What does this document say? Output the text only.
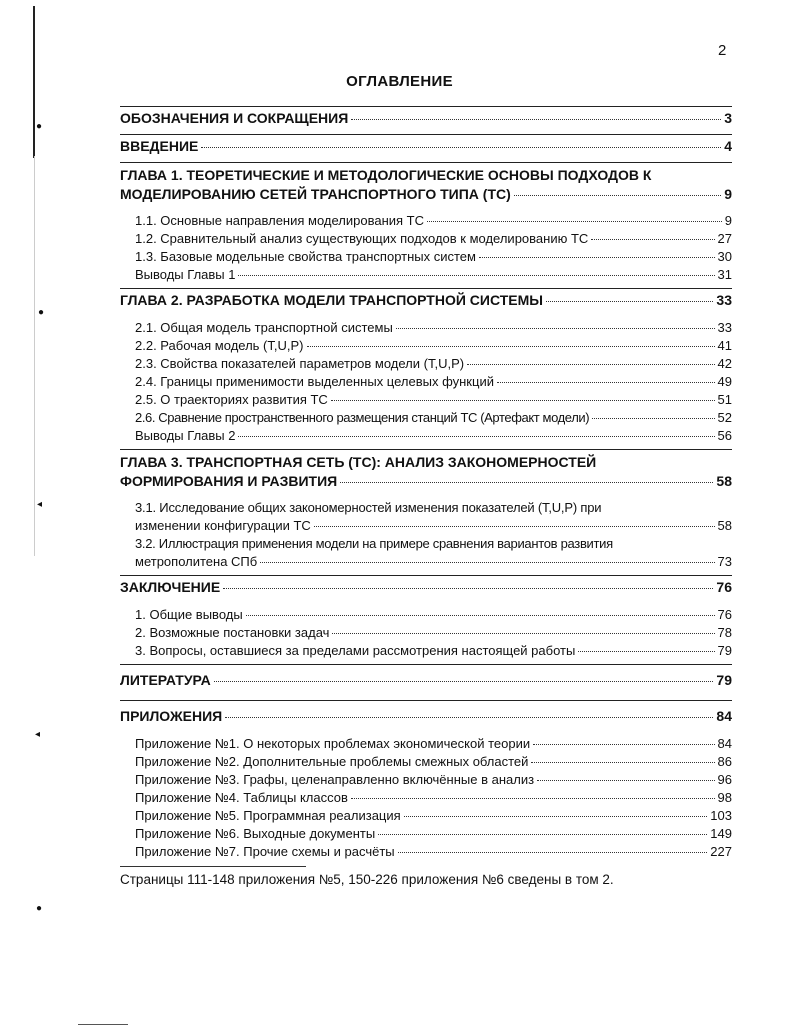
●
●
◂
◂
●
2
ОГЛАВЛЕНИЕ
ОБОЗНАЧЕНИЯ И СОКРАЩЕНИЯ	3
ВВЕДЕНИЕ	4
ГЛАВА 1. ТЕОРЕТИЧЕСКИЕ И МЕТОДОЛОГИЧЕСКИЕ ОСНОВЫ ПОДХОДОВ К
МОДЕЛИРОВАНИЮ СЕТЕЙ ТРАНСПОРТНОГО ТИПА (ТС)	9
1.1. Основные направления моделирования ТС	9
1.2. Сравнительный анализ существующих подходов к моделированию ТС	27
1.3. Базовые модельные свойства транспортных систем	30
Выводы Главы 1	31
ГЛАВА 2. РАЗРАБОТКА МОДЕЛИ ТРАНСПОРТНОЙ СИСТЕМЫ	33
2.1. Общая модель транспортной системы	33
2.2. Рабочая модель (T,U,P)	41
2.3. Свойства показателей параметров модели (T,U,P)	42
2.4. Границы применимости выделенных целевых функций	49
2.5. О траекториях развития ТС	51
2.6. Сравнение пространственного размещения станций ТС (Артефакт модели)	52
Выводы Главы 2	56
ГЛАВА 3. ТРАНСПОРТНАЯ СЕТЬ (ТС): АНАЛИЗ ЗАКОНОМЕРНОСТЕЙ
ФОРМИРОВАНИЯ И РАЗВИТИЯ	58
3.1. Исследование общих закономерностей изменения показателей (T,U,P) при
изменении конфигурации ТС	58
3.2. Иллюстрация применения модели на примере сравнения вариантов развития
метрополитена СПб	73
ЗАКЛЮЧЕНИЕ	76
1. Общие выводы	76
2. Возможные постановки задач	78
3. Вопросы, оставшиеся за пределами рассмотрения настоящей работы	79
ЛИТЕРАТУРА	79
ПРИЛОЖЕНИЯ	84
Приложение №1. О некоторых проблемах экономической теории	84
Приложение №2. Дополнительные проблемы смежных областей	86
Приложение №3. Графы, целенаправленно включённые в анализ	96
Приложение №4. Таблицы классов	98
Приложение №5. Программная реализация	103
Приложение №6. Выходные документы	149
Приложение №7. Прочие схемы и расчёты	227
Страницы 111-148 приложения №5, 150-226 приложения №6 сведены в том 2.
